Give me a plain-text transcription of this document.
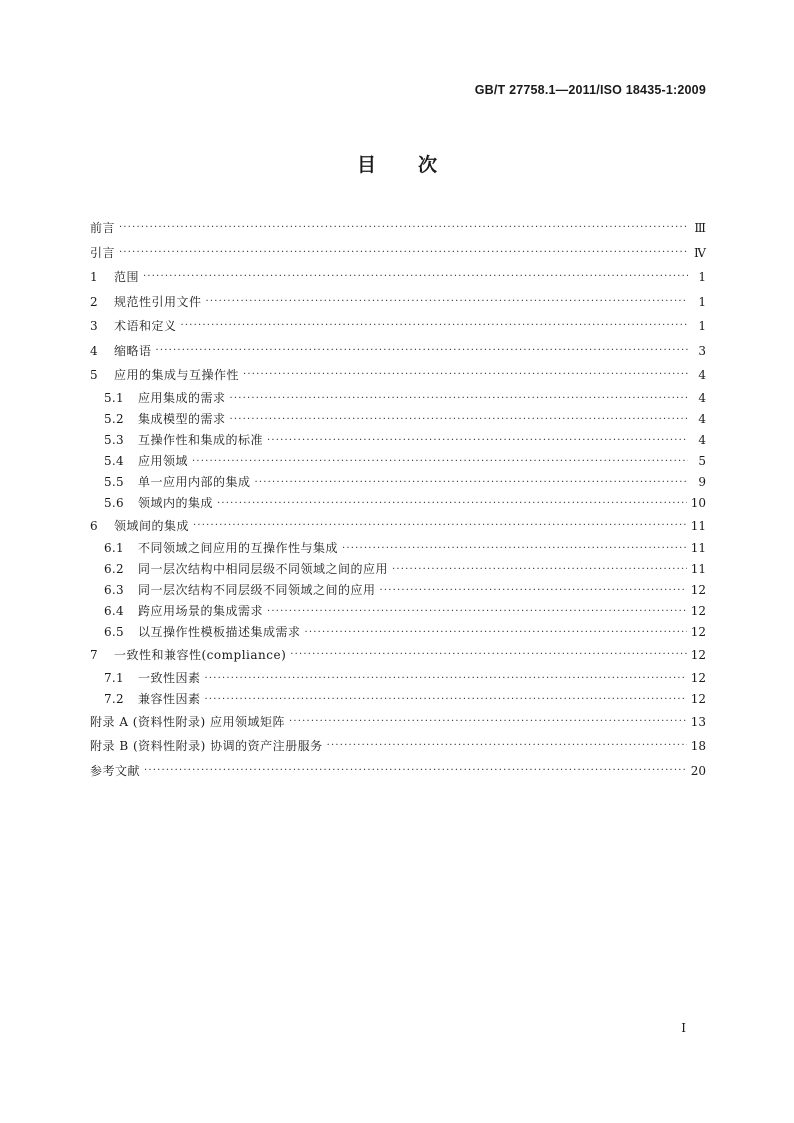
GB/T 27758.1—2011/ISO 18435-1:2009
目 次
前言 ·····	Ⅲ
引言 ·····	Ⅳ
1	范围 ·····	1
2	规范性引用文件 ·····	1
3	术语和定义 ·····	1
4	缩略语 ·····	3
5	应用的集成与互操作性 ·····	4
5.1	应用集成的需求 ·····	4
5.2	集成模型的需求 ·····	4
5.3	互操作性和集成的标准 ·····	4
5.4	应用领域 ·····	5
5.5	单一应用内部的集成 ·····	9
5.6	领域内的集成 ·····	10
6	领域间的集成 ·····	11
6.1	不同领域之间应用的互操作性与集成 ·····	11
6.2	同一层次结构中相同层级不同领域之间的应用 ·····	11
6.3	同一层次结构不同层级不同领域之间的应用 ·····	12
6.4	跨应用场景的集成需求 ·····	12
6.5	以互操作性模板描述集成需求 ·····	12
7	一致性和兼容性(compliance) ·····	12
7.1	一致性因素 ·····	12
7.2	兼容性因素 ·····	12
附录 A (资料性附录) 应用领域矩阵 ·····	13
附录 B (资料性附录) 协调的资产注册服务 ·····	18
参考文献 ·····	20
I
